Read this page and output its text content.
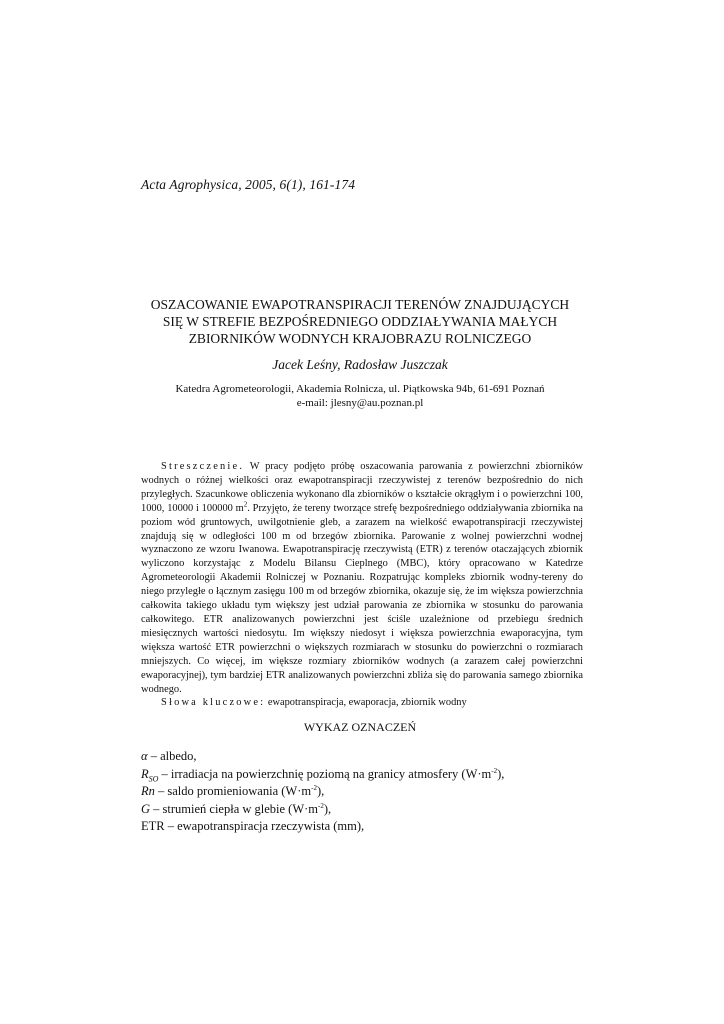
Acta Agrophysica, 2005, 6(1), 161-174
OSZACOWANIE EWAPOTRANSPIRACJI TERENÓW ZNAJDUJĄCYCH
SIĘ W STREFIE BEZPOŚREDNIEGO ODDZIAŁYWANIA MAŁYCH
ZBIORNIKÓW WODNYCH KRAJOBRAZU ROLNICZEGO
Jacek Leśny, Radosław Juszczak
Katedra Agrometeorologii, Akademia Rolnicza, ul. Piątkowska 94b, 61-691 Poznań
e-mail: jlesny@au.poznan.pl

Streszczenie. W pracy podjęto próbę oszacowania parowania z powierzchni zbiorników wodnych o różnej wielkości oraz ewapotranspiracji rzeczywistej z terenów bezpośrednio do nich przyległych. Szacunkowe obliczenia wykonano dla zbiorników o kształcie okrągłym i o powierzchni 100, 1000, 10000 i 100000 $m^2$. Przyjęto, że tereny tworzące strefę bezpośredniego oddziaływania zbiornika na poziom wód gruntowych, uwilgotnienie gleb, a zarazem na wielkość ewapotranspiracji rzeczywistej znajdują się w odległości 100 m od brzegów zbiornika. Parowanie z wolnej powierzchni wodnej wyznaczono ze wzoru Iwanowa. Ewapotranspirację rzeczywistą (ETR) z terenów otaczających zbiornik wyliczono korzystając z Modelu Bilansu Cieplnego (MBC), który opracowano w Katedrze Agrometeorologii Akademii Rolniczej w Poznaniu. Rozpatrując kompleks zbiornik wodny-tereny do niego przyległe o łącznym zasięgu 100 m od brzegów zbiornika, okazuje się, że im większa powierzchnia całkowita takiego układu tym większy jest udział parowania ze zbiornika w stosunku do parowania całkowitego. ETR analizowanych powierzchni jest ściśle uzależnione od przebiegu średnich miesięcznych wartości niedosytu. Im większy niedosyt i większa powierzchnia ewaporacyjna, tym większa wartość ETR powierzchni o większych rozmiarach w stosunku do powierzchni o rozmiarach mniejszych. Co więcej, im większe rozmiary zbiorników wodnych (a zarazem całej powierzchni ewaporacyjnej), tym bardziej ETR analizowanych powierzchni zbliża się do parowania samego zbiornika wodnego.

Słowa kluczowe: ewapotranspiracja, ewaporacja, zbiornik wodny

WYKAZ OZNACZEŃ
α – albedo,
$R_{SO}$ – irradiacja na powierzchnię poziomą na granicy atmosfery $(W\cdot m^{-2})$,
Rn – saldo promieniowania $(W\cdot m^{-2})$,
G – strumień ciepła w glebie $(W\cdot m^{-2})$,
ETR – ewapotranspiracja rzeczywista (mm),
